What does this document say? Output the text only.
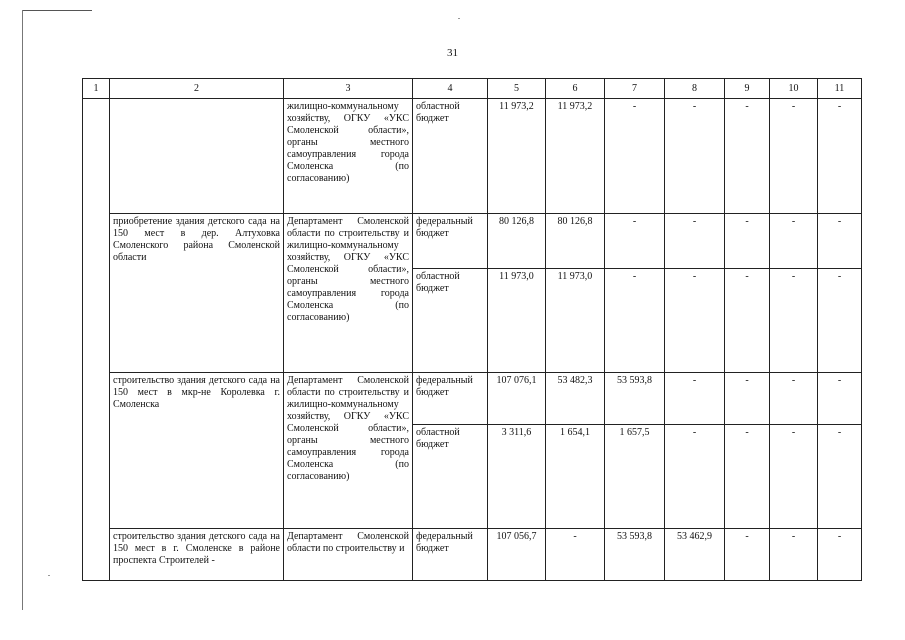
31
1	2	3	4	5	6	7	8	9	10	11
		жилищно-коммунальному хозяйству, ОГКУ «УКС Смоленской области», органы местного самоуправления города Смоленска (по согласованию)	областной бюджет	11 973,2	11 973,2	-	-	-	-	-
	приобретение здания детского сада на 150 мест в дер. Алтуховка Смоленского района Смоленской области	Департамент Смоленской области по строительству и жилищно-коммунальному хозяйству, ОГКУ «УКС Смоленской области», органы местного самоуправления города Смоленска (по согласованию)	федеральный бюджет	80 126,8	80 126,8	-	-	-	-	-
			областной бюджет	11 973,0	11 973,0	-	-	-	-	-
	строительство здания детского сада на 150 мест в мкр-не Королевка г. Смоленска	Департамент Смоленской области по строительству и жилищно-коммунальному хозяйству, ОГКУ «УКС Смоленской области», органы местного самоуправления города Смоленска (по согласованию)	федеральный бюджет	107 076,1	53 482,3	53 593,8	-	-	-	-
			областной бюджет	3 311,6	1 654,1	1 657,5	-	-	-	-
	строительство здания детского сада на 150 мест в г. Смоленске в районе проспекта Строителей -	Департамент Смоленской области по строительству и	федеральный бюджет	107 056,7	-	53 593,8	53 462,9	-	-	-
